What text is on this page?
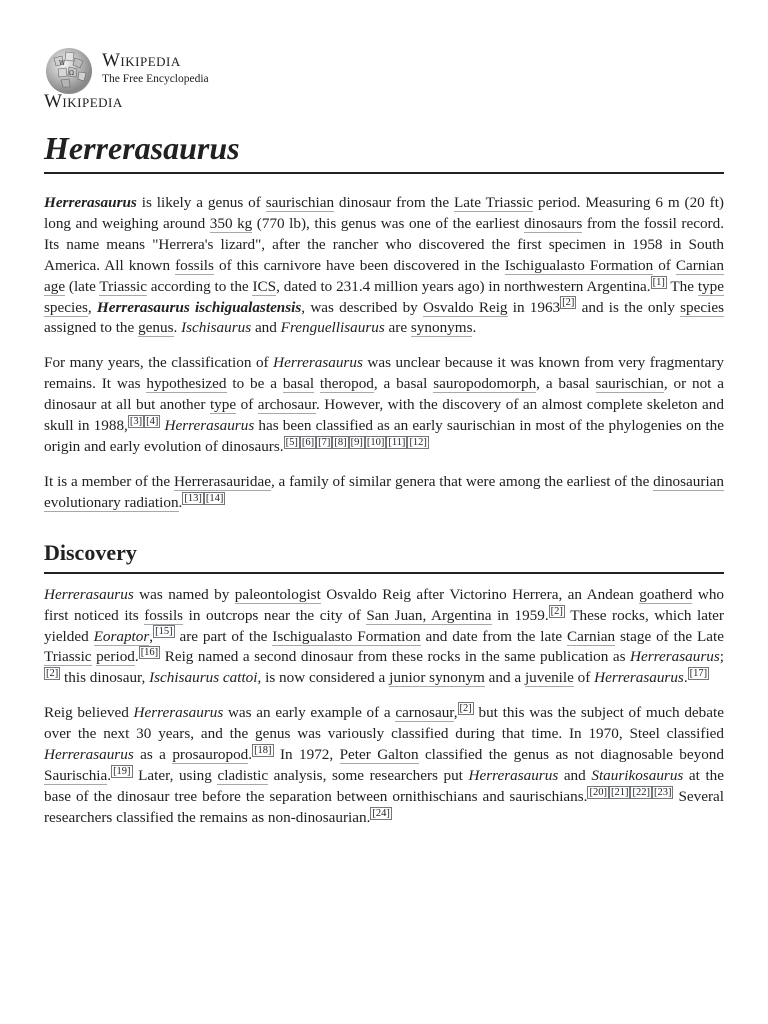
W
Ω
Wikipedia
The Free Encyclopedia
Wikipedia
Herrerasaurus

Herrerasaurus is likely a genus of saurischian dinosaur from the Late Triassic period. Measuring 6 m (20 ft) long and weighing around 350 kg (770 lb), this genus was one of the earliest dinosaurs from the fossil record. Its name means "Herrera's lizard", after the rancher who discovered the first specimen in 1958 in South America. All known fossils of this carnivore have been discovered in the Ischigualasto Formation of Carnian age (late Triassic according to the ICS, dated to 231.4 million years ago) in northwestern Argentina. [1] The type species, Herrerasaurus ischigualastensis, was described by Osvaldo Reig in 1963 [2] and is the only species assigned to the genus. Ischisaurus and Frenguellisaurus are synonyms.

For many years, the classification of Herrerasaurus was unclear because it was known from very fragmentary remains. It was hypothesized to be a basal theropod, a basal sauropodomorph, a basal saurischian, or not a dinosaur at all but another type of archosaur. However, with the discovery of an almost complete skeleton and skull in 1988, [3] [4] Herrerasaurus has been classified as an early saurischian in most of the phylogenies on the origin and early evolution of dinosaurs. [5] [6] [7] [8] [9] [10] [11] [12]

It is a member of the Herrerasauridae, a family of similar genera that were among the earliest of the dinosaurian evolutionary radiation. [13] [14]

Discovery

Herrerasaurus was named by paleontologist Osvaldo Reig after Victorino Herrera, an Andean goatherd who first noticed its fossils in outcrops near the city of San Juan, Argentina in 1959. [2] These rocks, which later yielded Eoraptor, [15] are part of the Ischigualasto Formation and date from the late Carnian stage of the Late Triassic period. [16] Reig named a second dinosaur from these rocks in the same publication as Herrerasaurus;[2] this dinosaur, Ischisaurus cattoi, is now considered a junior synonym and a juvenile of Herrerasaurus. [17]

Reig believed Herrerasaurus was an early example of a carnosaur, [2] but this was the subject of much debate over the next 30 years, and the genus was variously classified during that time. In 1970, Steel classified Herrerasaurus as a prosauropod. [18] In 1972, Peter Galton classified the genus as not diagnosable beyond Saurischia. [19] Later, using cladistic analysis, some researchers put Herrerasaurus and Staurikosaurus at the base of the dinosaur tree before the separation between ornithischians and saurischians. [20] [21] [22] [23] Several researchers classified the remains as non-dinosaurian. [24]
